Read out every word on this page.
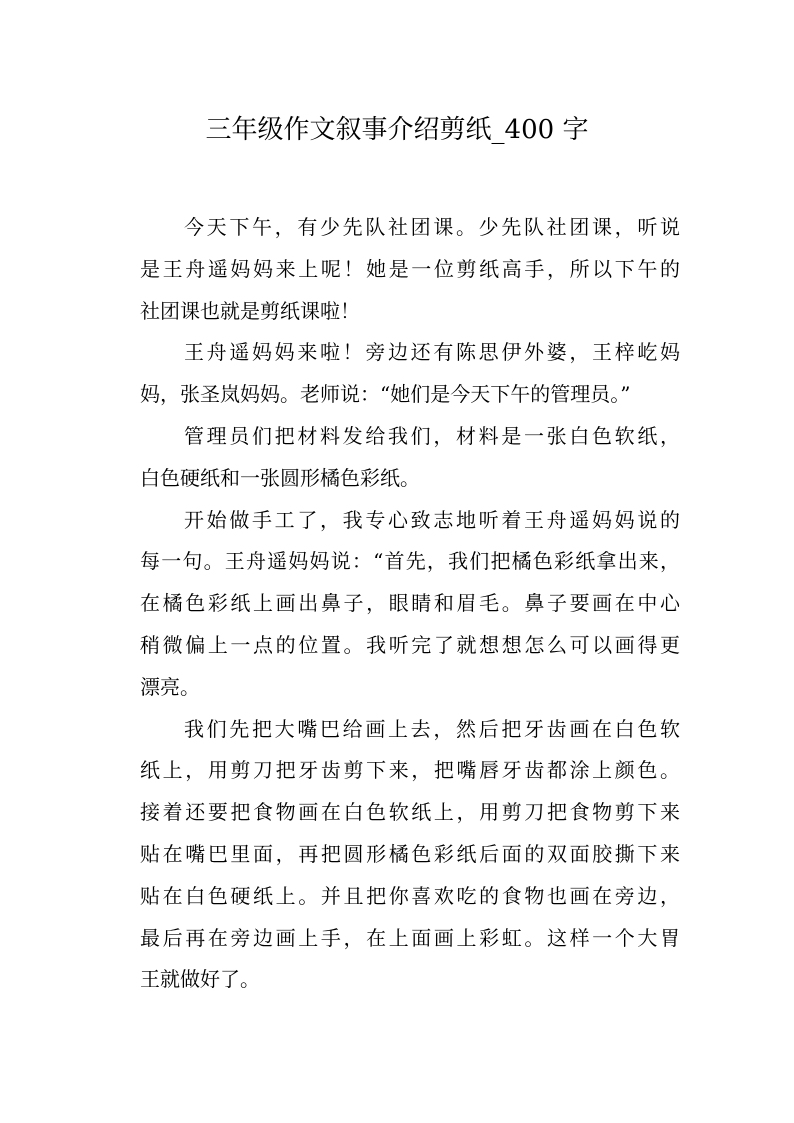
三年级作文叙事介绍剪纸_400 字

今天下午，有少先队社团课。少先队社团课，听说
是王舟遥妈妈来上呢！她是一位剪纸高手，所以下午的
社团课也就是剪纸课啦！

王舟遥妈妈来啦！旁边还有陈思伊外婆，王梓屹妈
妈，张圣岚妈妈。老师说：“她们是今天下午的管理员。”

管理员们把材料发给我们，材料是一张白色软纸，
白色硬纸和一张圆形橘色彩纸。

开始做手工了，我专心致志地听着王舟遥妈妈说的
每一句。王舟遥妈妈说：“首先，我们把橘色彩纸拿出来，
在橘色彩纸上画出鼻子，眼睛和眉毛。鼻子要画在中心
稍微偏上一点的位置。我听完了就想想怎么可以画得更
漂亮。

我们先把大嘴巴给画上去，然后把牙齿画在白色软
纸上，用剪刀把牙齿剪下来，把嘴唇牙齿都涂上颜色。
接着还要把食物画在白色软纸上，用剪刀把食物剪下来
贴在嘴巴里面，再把圆形橘色彩纸后面的双面胶撕下来
贴在白色硬纸上。并且把你喜欢吃的食物也画在旁边，
最后再在旁边画上手，在上面画上彩虹。这样一个大胃
王就做好了。
